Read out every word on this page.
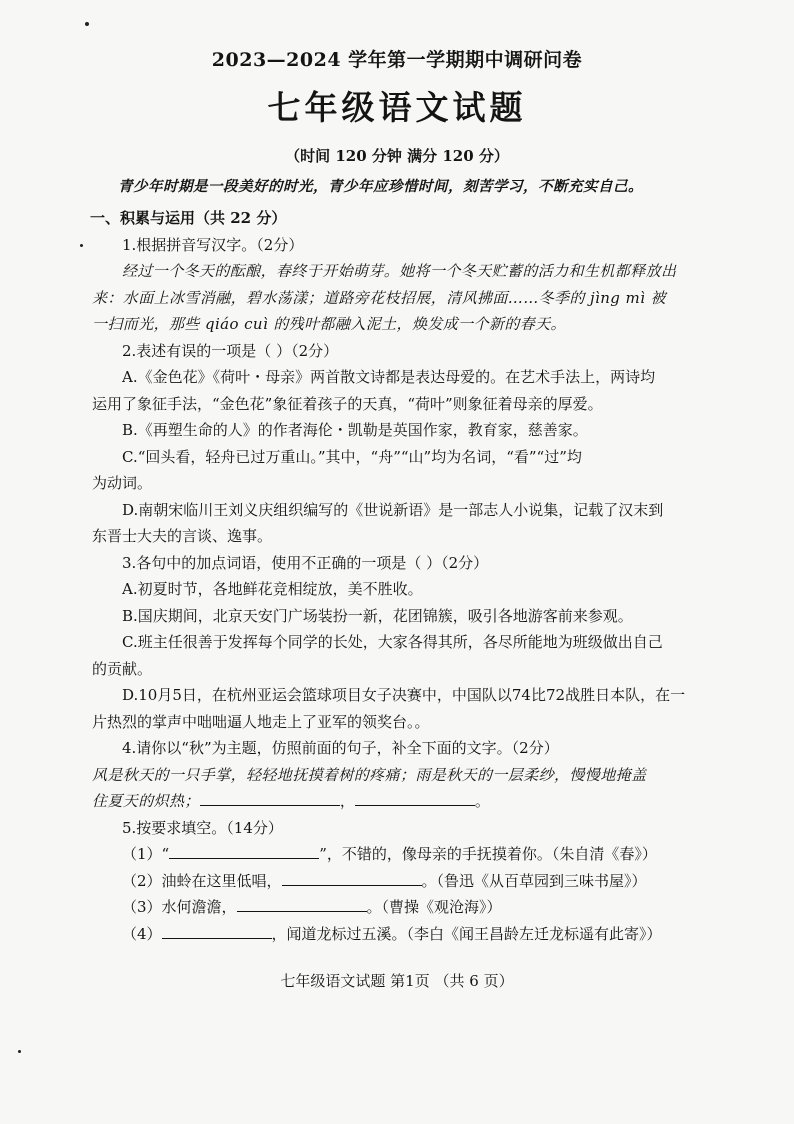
2023—2024 学年第一学期期中调研问卷
七年级语文试题
（时间 120 分钟 满分 120 分）
青少年时期是一段美好的时光，青少年应珍惜时间，刻苦学习，不断充实自己。
一、积累与运用（共 22 分）
1.根据拼音写汉字。（2分）
经过一个冬天的酝酿，春终于开始萌芽。她将一个冬天贮蓄的活力和生机都释放出
来：水面上冰雪消融，碧水荡漾；道路旁花枝招展，清风拂面……冬季的 jìng mì 被
一扫而光，那些 qiáo cuì 的残叶都融入泥土，焕发成一个新的春天。
2.表述有误的一项是（ ）（2分）
A.《金色花》《荷叶・母亲》两首散文诗都是表达母爱的。在艺术手法上，两诗均
运用了象征手法，“金色花”象征着孩子的天真，“荷叶”则象征着母亲的厚爱。
B.《再塑生命的人》的作者海伦・凯勒是英国作家，教育家，慈善家。
C.“回头看，轻舟已过万重山。”其中，“舟”“山”均为名词，“看”“过”均
为动词。
D.南朝宋临川王刘义庆组织编写的《世说新语》是一部志人小说集，记载了汉末到
东晋士大夫的言谈、逸事。
3.各句中的加点词语，使用不正确的一项是（ ）（2分）
A.初夏时节，各地鲜花竞相绽放，美不胜收。
B.国庆期间，北京天安门广场装扮一新，花团锦簇，吸引各地游客前来参观。
C.班主任很善于发挥每个同学的长处，大家各得其所，各尽所能地为班级做出自己
的贡献。
D.10月5日，在杭州亚运会篮球项目女子决赛中，中国队以74比72战胜日本队，在一
片热烈的掌声中咄咄逼人地走上了亚军的领奖台。。
4.请你以“秋”为主题，仿照前面的句子，补全下面的文字。（2分）
风是秋天的一只手掌，轻轻地抚摸着树的疼痛；雨是秋天的一层柔纱，慢慢地掩盖
住夏天的炽热；	，	。
5.按要求填空。（14分）
（1）“	”，不错的，像母亲的手抚摸着你。（朱自清《春》）
（2）油蛉在这里低唱，	。（鲁迅《从百草园到三味书屋》）
（3）水何澹澹，	。（曹操《观沧海》）
（4）	，闻道龙标过五溪。（李白《闻王昌龄左迁龙标遥有此寄》）
七年级语文试题 第1页 （共 6 页）
